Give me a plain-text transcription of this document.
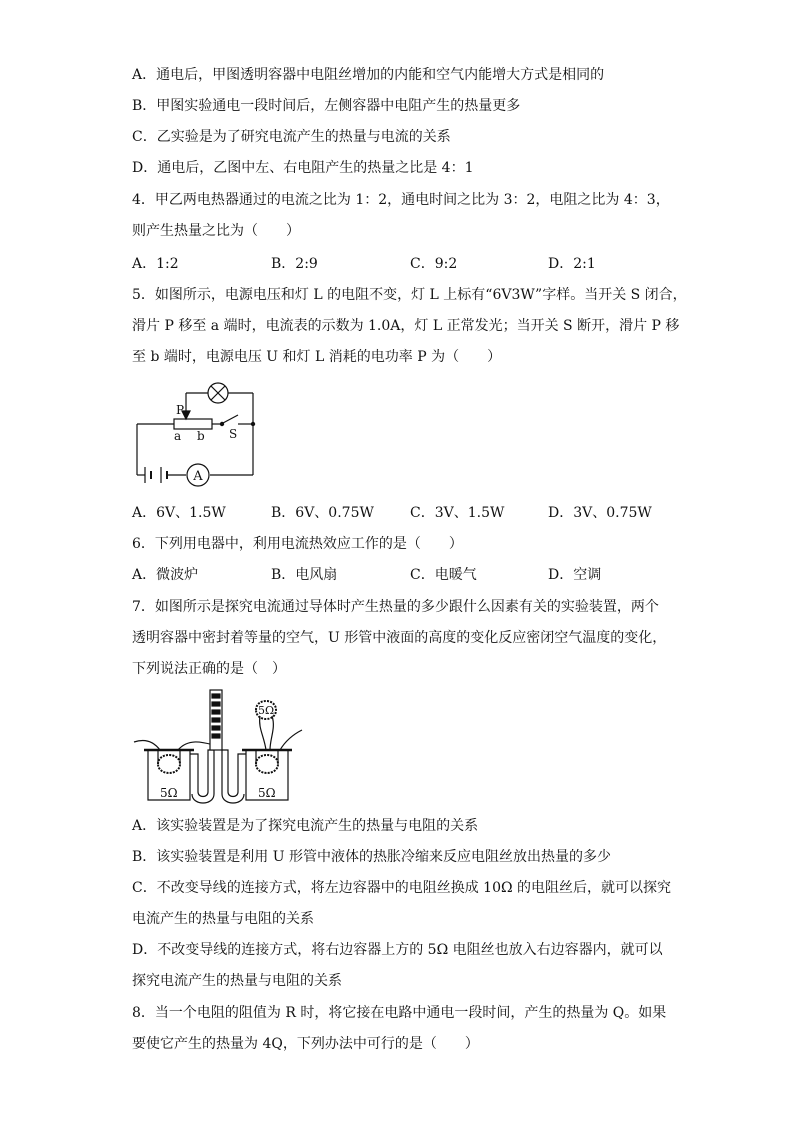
A．通电后，甲图透明容器中电阻丝增加的内能和空气内能增大方式是相同的
B．甲图实验通电一段时间后，左侧容器中电阻产生的热量更多
C．乙实验是为了研究电流产生的热量与电流的关系
D．通电后，乙图中左、右电阻产生的热量之比是 4：1
4．甲乙两电热器通过的电流之比为 1：2，通电时间之比为 3：2，电阻之比为 4：3，
则产生热量之比为（　　）
A．1:2	B．2:9	C．9:2	D．2:1
5．如图所示，电源电压和灯 L 的电阻不变，灯 L 上标有“6V3W”字样。当开关 S 闭合，
滑片 P 移至 a 端时，电流表的示数为 1.0A，灯 L 正常发光；当开关 S 断开，滑片 P 移
至 b 端时，电源电压 U 和灯 L 消耗的电功率 P 为（　　）
A
P
a b S
A．6V、1.5W	B．6V、0.75W	C．3V、1.5W	D．3V、0.75W
6．下列用电器中，利用电流热效应工作的是（　　）
A．微波炉	B．电风扇	C．电暖气	D．空调
7．如图所示是探究电流通过导体时产生热量的多少跟什么因素有关的实验装置，两个
透明容器中密封着等量的空气，U 形管中液面的高度的变化反应密闭空气温度的变化，
下列说法正确的是（　）
5Ω	5Ω
5Ω
A．该实验装置是为了探究电流产生的热量与电阻的关系
B．该实验装置是利用 U 形管中液体的热胀冷缩来反应电阻丝放出热量的多少
C．不改变导线的连接方式，将左边容器中的电阻丝换成 10Ω 的电阻丝后，就可以探究
电流产生的热量与电阻的关系
D．不改变导线的连接方式，将右边容器上方的 5Ω 电阻丝也放入右边容器内，就可以
探究电流产生的热量与电阻的关系
8．当一个电阻的阻值为 R 时，将它接在电路中通电一段时间，产生的热量为 Q。如果
要使它产生的热量为 4Q，下列办法中可行的是（　　）
